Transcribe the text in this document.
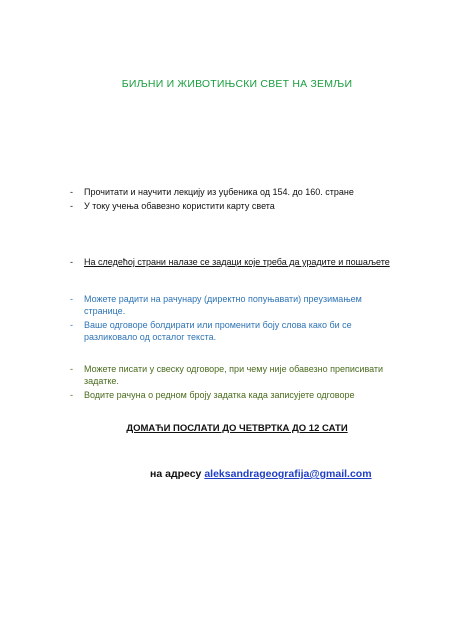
БИЉНИ И ЖИВОТИЊСКИ СВЕТ НА ЗЕМЉИ
- Прочитати и научити лекцију из уџбеника од 154. до 160. стране
- У току учења обавезно користити карту света
- На следећој страни налазе се задаци које треба да урадите и пошаљете
- Можете радити на рачунару (директно попуњавати) преузимањем странице.
- Ваше одговоре болдирати или променити боју слова како би се разликовало од осталог текста.
- Можете писати у свеску одговоре, при чему није обавезно преписивати задатке.
- Водите рачуна о редном броју задатка када записујете одговоре
ДОМАЋИ ПОСЛАТИ ДО ЧЕТВРТКА ДО 12 САТИ
на адресу aleksandrageografija@gmail.com
